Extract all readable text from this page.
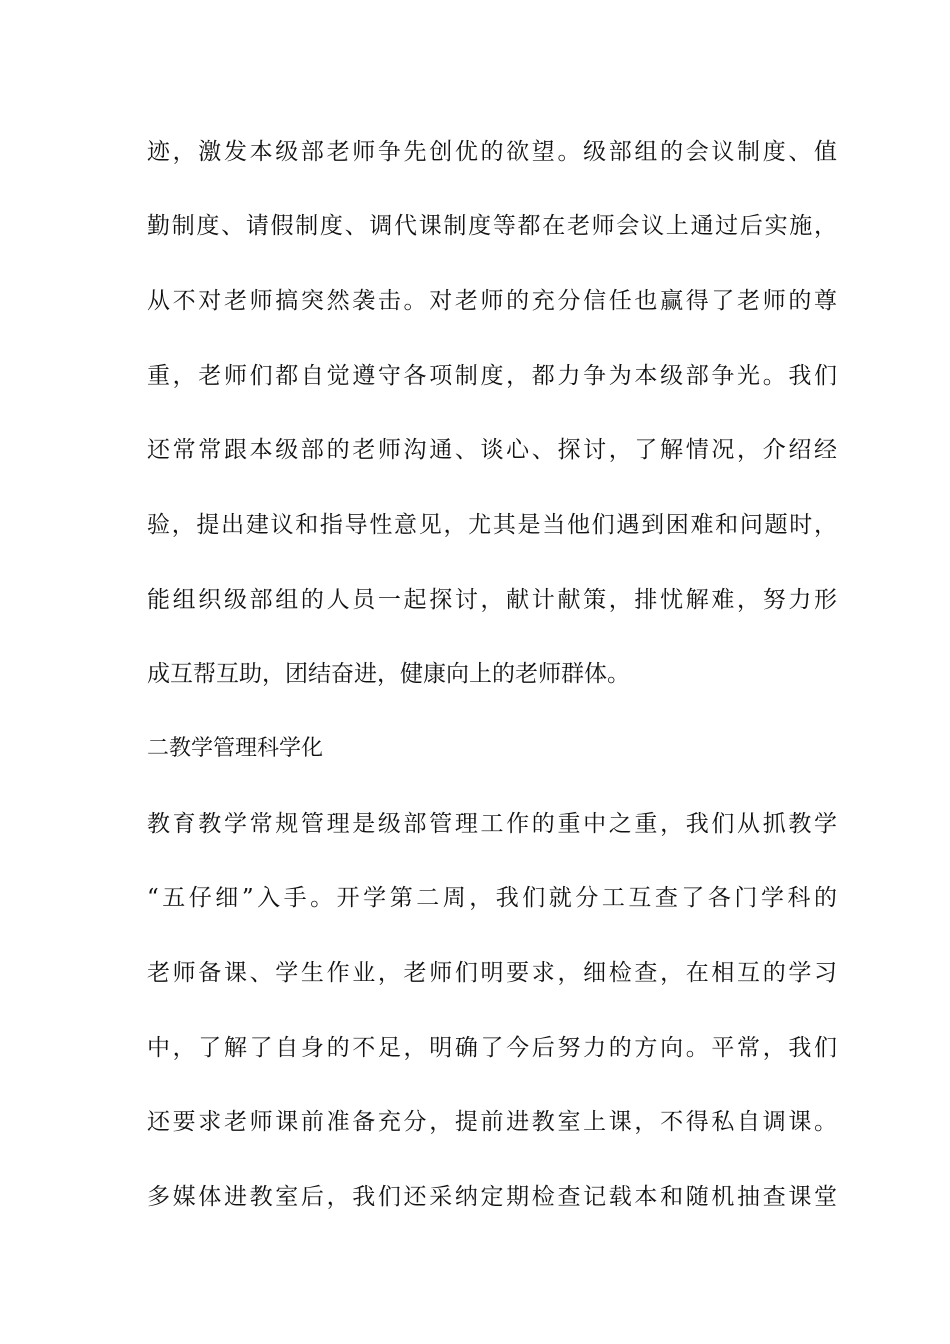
迹，激发本级部老师争先创优的欲望。级部组的会议制度、值
勤制度、请假制度、调代课制度等都在老师会议上通过后实施，
从不对老师搞突然袭击。对老师的充分信任也赢得了老师的尊
重，老师们都自觉遵守各项制度，都力争为本级部争光。我们
还常常跟本级部的老师沟通、谈心、探讨，了解情况，介绍经
验，提出建议和指导性意见，尤其是当他们遇到困难和问题时，
能组织级部组的人员一起探讨，献计献策，排忧解难，努力形
成互帮互助，团结奋进，健康向上的老师群体。
二教学管理科学化
教育教学常规管理是级部管理工作的重中之重，我们从抓教学
“五仔细”入手。开学第二周，我们就分工互查了各门学科的
老师备课、学生作业，老师们明要求，细检查，在相互的学习
中，了解了自身的不足，明确了今后努力的方向。平常，我们
还要求老师课前准备充分，提前进教室上课，不得私自调课。
多媒体进教室后，我们还采纳定期检查记载本和随机抽查课堂
